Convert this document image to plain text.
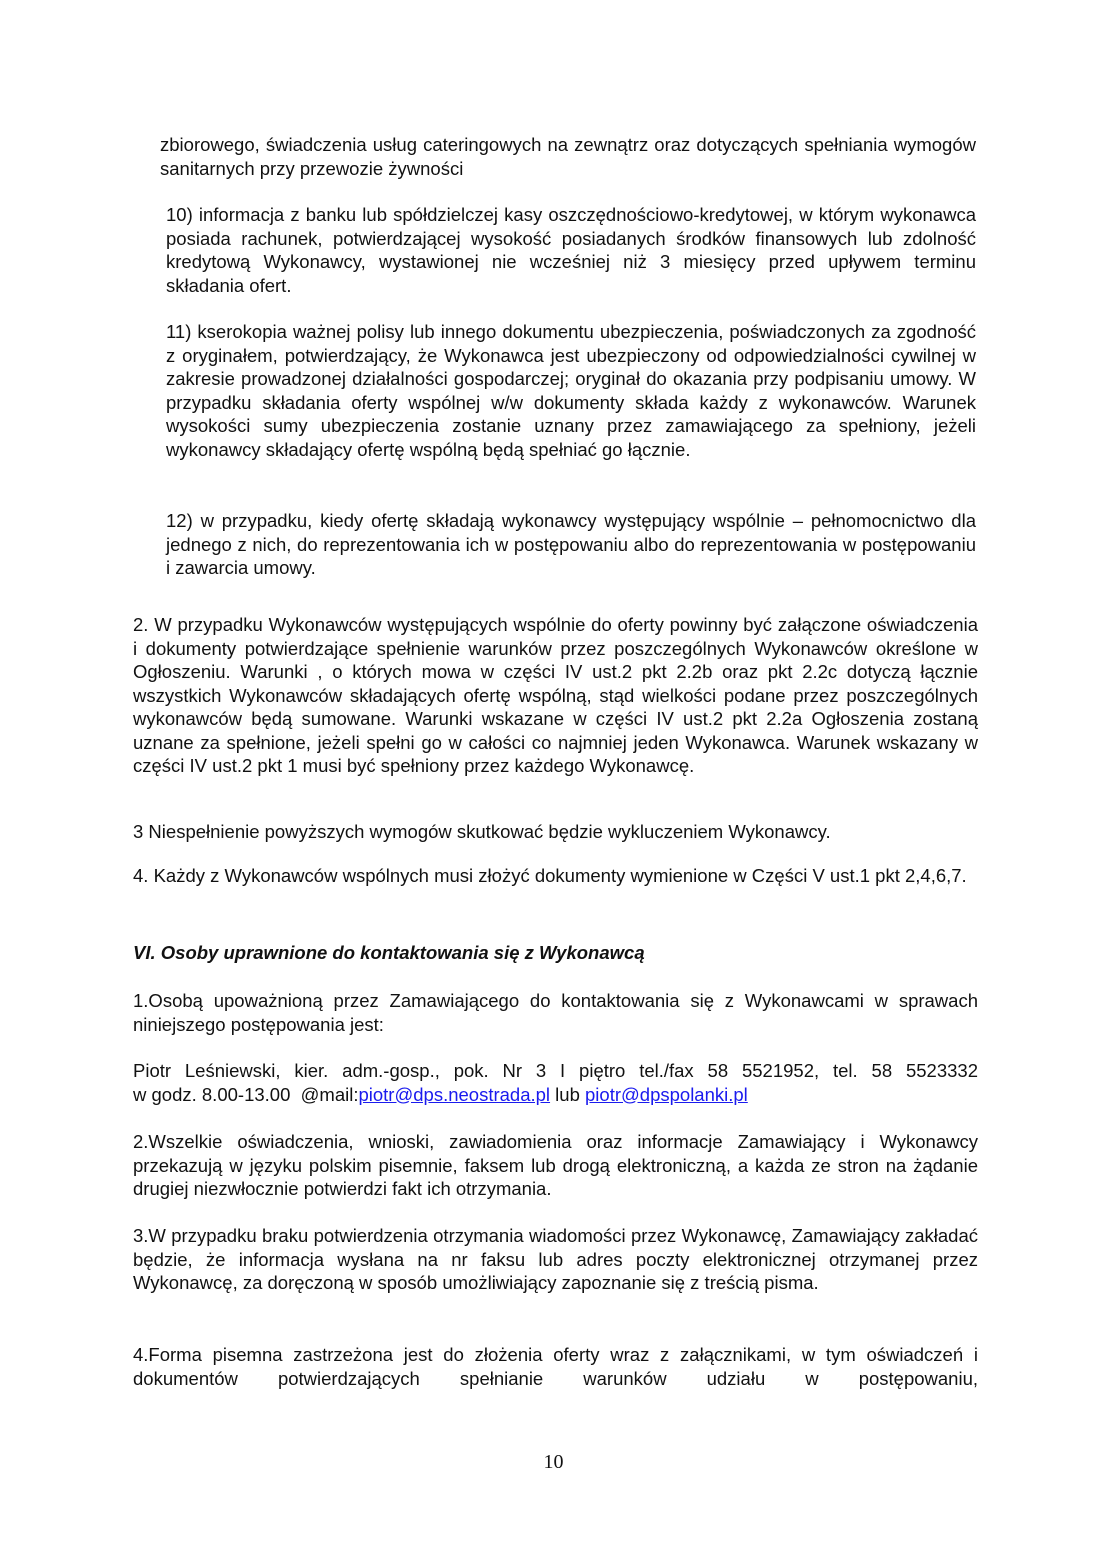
zbiorowego, świadczenia usług cateringowych na zewnątrz oraz dotyczących spełniania wymogów sanitarnych przy przewozie żywności

10) informacja z banku lub spółdzielczej kasy oszczędnościowo-kredytowej, w którym wykonawca posiada rachunek, potwierdzającej wysokość posiadanych środków finansowych lub zdolność kredytową Wykonawcy, wystawionej nie wcześniej niż 3 miesięcy przed upływem terminu składania ofert.

11) kserokopia ważnej polisy lub innego dokumentu ubezpieczenia, poświadczonych za zgodność z oryginałem, potwierdzający, że Wykonawca jest ubezpieczony od odpowiedzialności cywilnej w zakresie prowadzonej działalności gospodarczej; oryginał do okazania przy podpisaniu umowy. W przypadku składania oferty wspólnej w/w dokumenty składa każdy z wykonawców. Warunek wysokości sumy ubezpieczenia zostanie uznany przez zamawiającego za spełniony, jeżeli wykonawcy składający ofertę wspólną będą spełniać go łącznie.

12) w przypadku, kiedy ofertę składają wykonawcy występujący wspólnie – pełnomocnictwo dla jednego z nich, do reprezentowania ich w postępowaniu albo do reprezentowania w postępowaniu i zawarcia umowy.

2. W przypadku Wykonawców występujących wspólnie do oferty powinny być załączone oświadczenia i dokumenty potwierdzające spełnienie warunków przez poszczególnych Wykonawców określone w Ogłoszeniu. Warunki , o których mowa w części IV ust.2 pkt 2.2b oraz pkt 2.2c dotyczą łącznie wszystkich Wykonawców składających ofertę wspólną, stąd wielkości podane przez poszczególnych wykonawców będą sumowane. Warunki wskazane w części IV ust.2 pkt 2.2a Ogłoszenia zostaną uznane za spełnione, jeżeli spełni go w całości co najmniej jeden Wykonawca. Warunek wskazany w części IV ust.2 pkt 1 musi być spełniony przez każdego Wykonawcę.

3 Niespełnienie powyższych wymogów skutkować będzie wykluczeniem Wykonawcy.

4. Każdy z Wykonawców wspólnych musi złożyć dokumenty wymienione w Części V ust.1 pkt 2,4,6,7.

VI. Osoby uprawnione do kontaktowania się z Wykonawcą

1.Osobą upoważnioną przez Zamawiającego do kontaktowania się z Wykonawcami w sprawach niniejszego postępowania jest:

Piotr Leśniewski, kier. adm.-gosp., pok. Nr 3 I piętro tel./fax 58 5521952, tel. 58 5523332
w godz. 8.00-13.00  @mail:piotr@dps.neostrada.pl lub piotr@dpspolanki.pl

2.Wszelkie oświadczenia, wnioski, zawiadomienia oraz informacje Zamawiający i Wykonawcy przekazują w języku polskim pisemnie, faksem lub drogą elektroniczną, a każda ze stron na żądanie drugiej niezwłocznie potwierdzi fakt ich otrzymania.

3.W przypadku braku potwierdzenia otrzymania wiadomości przez Wykonawcę, Zamawiający zakładać będzie, że informacja wysłana na nr faksu lub adres poczty elektronicznej otrzymanej przez Wykonawcę, za doręczoną w sposób umożliwiający zapoznanie się z treścią pisma.

4.Forma pisemna zastrzeżona jest do złożenia oferty wraz z załącznikami, w tym oświadczeń i dokumentów potwierdzających spełnianie warunków udziału w postępowaniu,

10
